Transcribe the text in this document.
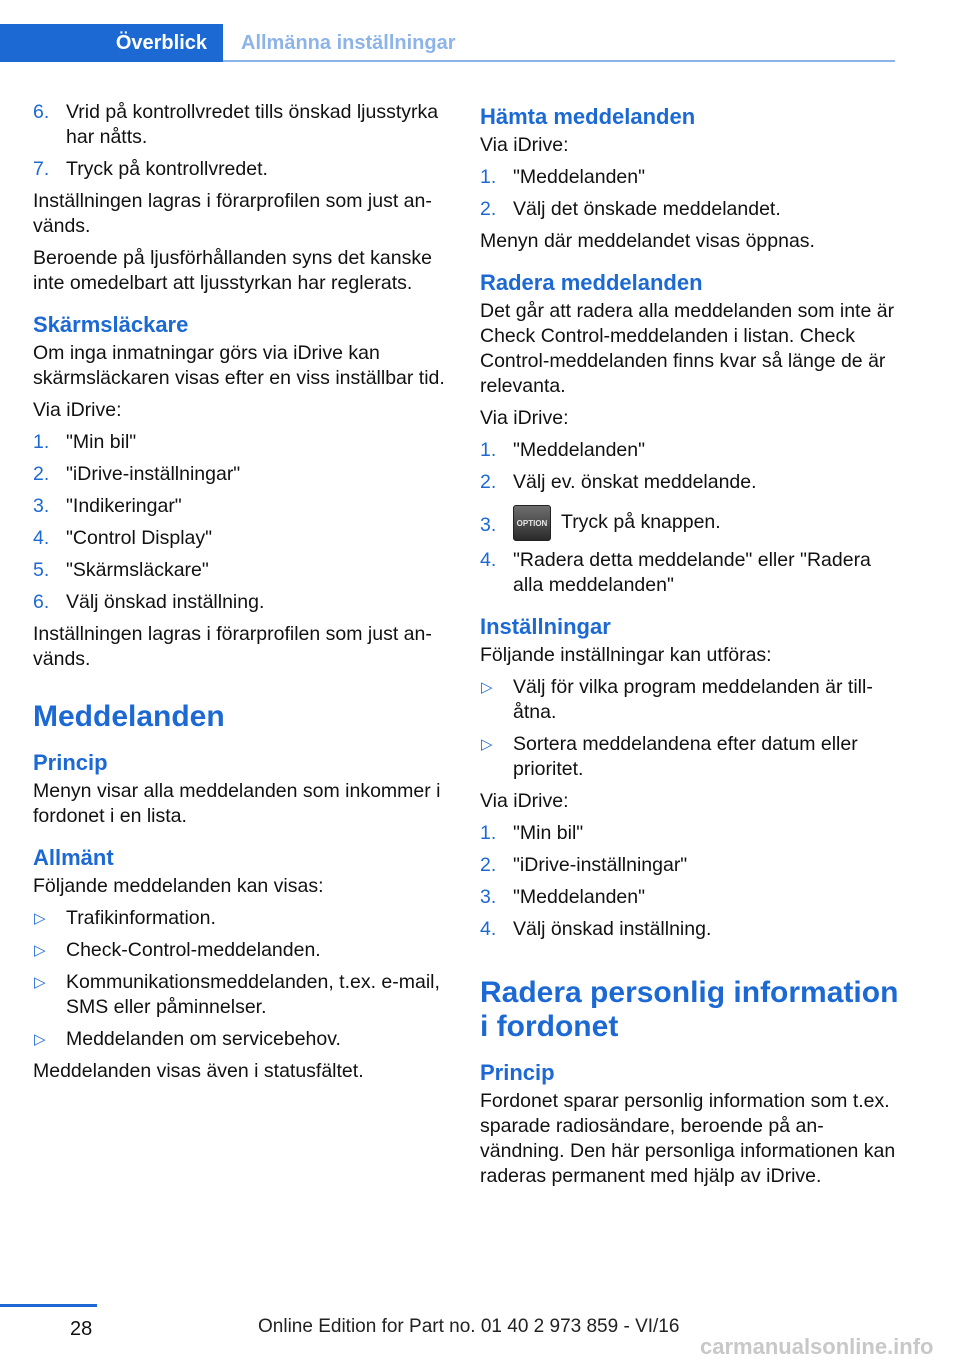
Överblick	Allmänna inställningar
6. Vrid på kontrollvredet tills önskad ljusstyrka har nåtts.
7. Tryck på kontrollvredet.

Inställningen lagras i förarprofilen som just används.

Beroende på ljusförhållanden syns det kanske inte omedelbart att ljusstyrkan har reglerats.

Skärmsläckare

Om inga inmatningar görs via iDrive kan skärmsläckaren visas efter en viss inställbar tid.

Via iDrive:

1. "Min bil"
2. "iDrive-inställningar"
3. "Indikeringar"
4. "Control Display"
5. "Skärmsläckare"
6. Välj önskad inställning.

Inställningen lagras i förarprofilen som just används.

Meddelanden
Princip

Menyn visar alla meddelanden som inkommer i fordonet i en lista.

Allmänt

Följande meddelanden kan visas:

▷ Trafikinformation.
▷ Check-Control-meddelanden.
▷ Kommunikationsmeddelanden, t.ex. e-mail, SMS eller påminnelser.
▷ Meddelanden om servicebehov.

Meddelanden visas även i statusfältet.

Hämta meddelanden

Via iDrive:

1. "Meddelanden"
2. Välj det önskade meddelandet.

Menyn där meddelandet visas öppnas.

Radera meddelanden

Det går att radera alla meddelanden som inte är Check Control-meddelanden i listan. Check Control-meddelanden finns kvar så länge de är relevanta.

Via iDrive:

1. "Meddelanden"
2. Välj ev. önskat meddelande.
3.	OPTION Tryck på knappen.
4. "Radera detta meddelande" eller "Radera alla meddelanden"
Inställningar

Följande inställningar kan utföras:

▷ Välj för vilka program meddelanden är tillåtna.
▷ Sortera meddelandena efter datum eller prioritet.

Via iDrive:

1. "Min bil"
2. "iDrive-inställningar"
3. "Meddelanden"
4. Välj önskad inställning.
Radera personlig information i fordonet
Princip

Fordonet sparar personlig information som t.ex. sparade radiosändare, beroende på användning. Den här personliga informationen kan raderas permanent med hjälp av iDrive.

28	Online Edition for Part no. 01 40 2 973 859 - VI/16
carmanualsonline.info
